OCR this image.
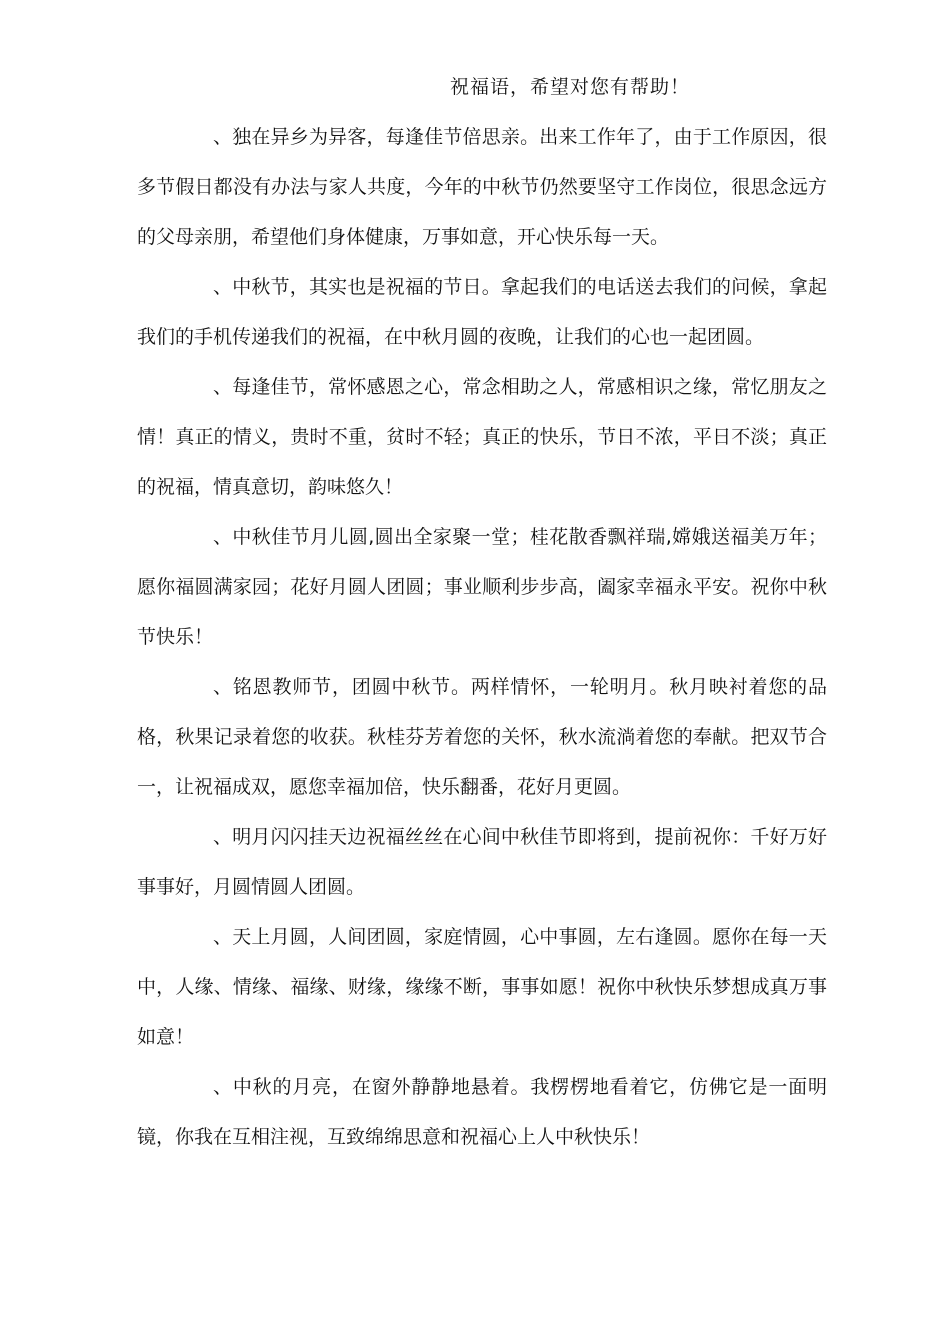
祝福语，希望对您有帮助！

、独在异乡为异客，每逢佳节倍思亲。出来工作年了，由于工作原因，很多节假日都没有办法与家人共度，今年的中秋节仍然要坚守工作岗位，很思念远方的父母亲朋，希望他们身体健康，万事如意，开心快乐每一天。

、中秋节，其实也是祝福的节日。拿起我们的电话送去我们的问候，拿起我们的手机传递我们的祝福，在中秋月圆的夜晚，让我们的心也一起团圆。

、每逢佳节，常怀感恩之心，常念相助之人，常感相识之缘，常忆朋友之情！真正的情义，贵时不重，贫时不轻；真正的快乐，节日不浓，平日不淡；真正的祝福，情真意切，韵味悠久！

、中秋佳节月儿圆,圆出全家聚一堂；桂花散香飘祥瑞,嫦娥送福美万年；愿你福圆满家园；花好月圆人团圆；事业顺利步步高，阖家幸福永平安。祝你中秋节快乐！

、铭恩教师节，团圆中秋节。两样情怀，一轮明月。秋月映衬着您的品格，秋果记录着您的收获。秋桂芬芳着您的关怀，秋水流淌着您的奉献。把双节合一，让祝福成双，愿您幸福加倍，快乐翻番，花好月更圆。

、明月闪闪挂天边祝福丝丝在心间中秋佳节即将到，提前祝你：千好万好事事好，月圆情圆人团圆。

、天上月圆，人间团圆，家庭情圆，心中事圆，左右逢圆。愿你在每一天中，人缘、情缘、福缘、财缘，缘缘不断，事事如愿！祝你中秋快乐梦想成真万事如意！

、中秋的月亮，在窗外静静地悬着。我楞楞地看着它，仿佛它是一面明镜，你我在互相注视，互致绵绵思意和祝福心上人中秋快乐！
